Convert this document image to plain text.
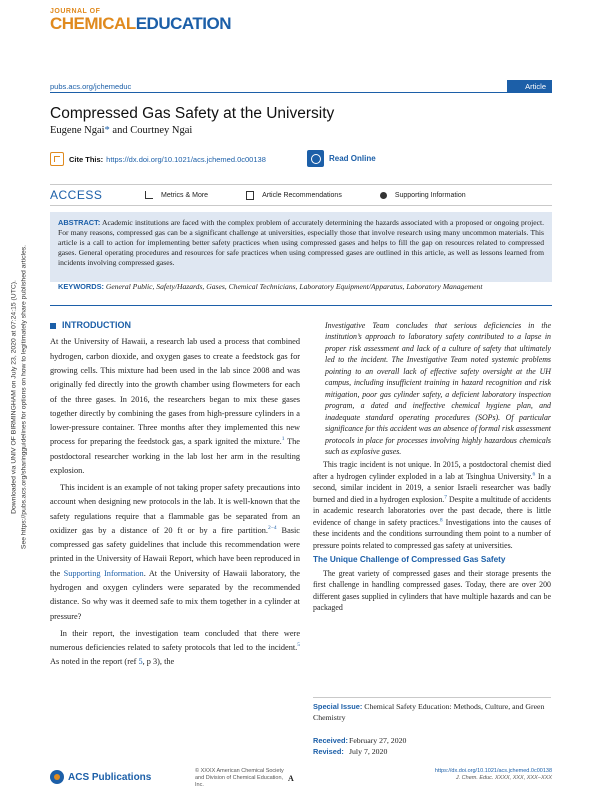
JOURNAL OF
CHEMICALEDUCATION
pubs.acs.org/jchemeduc	Article
Compressed Gas Safety at the University
Eugene Ngai* and Courtney Ngai
Cite This: https://dx.doi.org/10.1021/acs.jchemed.0c00138	Read Online
ACCESS	Metrics & More	Article Recommendations	Supporting Information
ABSTRACT: Academic institutions are faced with the complex problem of accurately determining the hazards associated with a proposed or ongoing project. For many reasons, compressed gas can be a significant challenge at universities, especially those that involve research using many uncommon materials. This article is a call to action for implementing better safety practices when using compressed gases and helps to fill the gap on resources related to compressed gases. General operating procedures and resources for safe practices when using compressed gases are outlined in this article, as well as lessons learned from incidents involving compressed gases.
KEYWORDS: General Public, Safety/Hazards, Gases, Chemical Technicians, Laboratory Equipment/Apparatus, Laboratory Management
Downloaded via UNIV OF BIRMINGHAM on July 23, 2020 at 07:24:15 (UTC). See https://pubs.acs.org/sharingguidelines for options on how to legitimately share published articles.	INTRODUCTION

At the University of Hawaii, a research lab used a process that combined hydrogen, carbon dioxide, and oxygen gases to create a feedstock gas for growing cells. This mixture had been used in the lab since 2008 and was originally fed directly into the growth chamber using flowmeters for each of the three gases. In 2016, the researchers began to mix these gases together directly by combining the gases from high-pressure cylinders in a lower-pressure container. Three months after they implemented this new process for preparing the feedstock gas, a spark ignited the mixture.$^1$ The postdoctoral researcher working in the lab lost her arm in the resulting explosion.

This incident is an example of not taking proper safety precautions into account when designing new protocols in the lab. It is well-known that the safety regulations require that a flammable gas be separated from an oxidizer gas by a distance of 20 ft or by a fire partition.$^{2-4}$ Basic compressed gas safety guidelines that include this recommendation were printed in the University of Hawaii Report, which have been reproduced in the Supporting Information. At the University of Hawaii laboratory, the hydrogen and oxygen cylinders were separated by the recommended distance. So why was it deemed safe to mix them together in a cylinder at pressure?

In their report, the investigation team concluded that there were numerous deficiencies related to safety protocols that led to the incident.$^5$ As noted in the report (ref 5, p 3), the

Investigative Team concludes that serious deficiencies in the institution’s approach to laboratory safety contributed to a lapse in proper risk assessment and lack of a culture of safety that ultimately led to the incident. The Investigative Team noted systemic problems pointing to an overall lack of effective safety oversight at the UH campus, including insufficient training in hazard recognition and risk mitigation, poor gas cylinder safety, a deficient laboratory inspection program, a dated and ineffective chemical hygiene plan, and inadequate standard operating procedures (SOPs). Of particular significance for this accident was an absence of formal risk assessment protocols in place for processes involving highly hazardous chemicals such as explosive gases.

This tragic incident is not unique. In 2015, a postdoctoral chemist died after a hydrogen cylinder exploded in a lab at Tsinghua University.$^6$ In a second, similar incident in 2019, a senior Israeli researcher was badly burned and died in a hydrogen explosion.$^7$ Despite a multitude of accidents in academic research laboratories over the past decade, there is little evidence of change in safety practices.$^8$ Investigations into the causes of these incidents and the conditions surrounding them point to a number of pressure points related to compressed gas safety at universities.

The Unique Challenge of Compressed Gas Safety

The great variety of compressed gases and their storage presents the first challenge in handling compressed gases. Today, there are over 200 different gases supplied in cylinders that have multiple hazards and can be packaged

Special Issue: Chemical Safety Education: Methods, Culture, and Green Chemistry
Received:February 27, 2020
Revised: July 7, 2020
ACS Publications
© XXXX American Chemical Society
and Division of Chemical Education,
Inc.
A
https://dx.doi.org/10.1021/acs.jchemed.0c00138
J. Chem. Educ. XXXX, XXX, XXX−XXX
